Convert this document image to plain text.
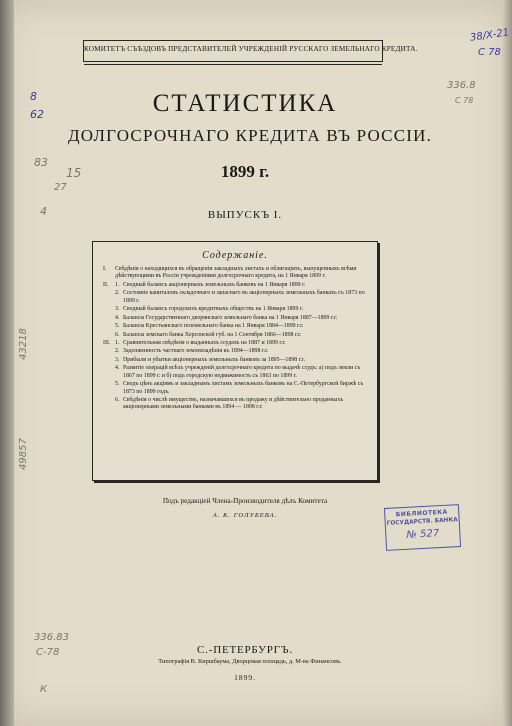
КОМИТЕТЪ СЪѢЗДОВЪ ПРЕДСТАВИТЕЛЕЙ УЧРЕЖДЕНІЙ РУССКАГО ЗЕМЕЛЬНАГО КРЕДИТА.
38/Х-21
С 78
336.8
С 78
8
62
83
15
27
4
43218
49857
СТАТИСТИКА
ДОЛГОСРОЧНАГО КРЕДИТА ВЪ РОССІИ.
1899 г.
ВЫПУСКЪ І.
Содержаніе.
I. Свѣдѣнія о находящихся въ обращеніи закладныхъ листахъ и облигаціяхъ, выпущенныхъ всѣми дѣйствующими въ Россіи учрежденіями долгосрочнаго кредита, на 1 Января 1899 г.
II. 1. Сводный балансъ акціонерныхъ земельныхъ банковъ на 1 Января 1899 г.
2. Состояніе капиталовъ складочнаго и запаснаго въ акціонерныхъ земельныхъ банкахъ съ 1873 по 1899 г.
3. Сводный балансъ городскихъ кредитныхъ обществъ на 1 Января 1899 г.
4. Балансы Государственнаго дворянскаго земельнаго банка на 1 Января 1887—1899 г.г.
5. Балансы Крестьянскаго поземельнаго банка на 1 Января 1884—1899 г.г.
6. Балансы земскаго банка Херсонской губ. на 1 Сентября 1866—1898 г.г.
III. 1. Сравнительная свѣдѣнія о выданныхъ ссудахъ на 1887 и 1899 г.г.
2. Задолженность частнаго землевладѣнія къ 1894—1898 г.г.
3. Прибыли и убытки акціонерныхъ земельныхъ банковъ за 1895—1898 г.г.
4. Развитіе операцій всѣхъ учрежденій долгосрочнаго кредита по выдачѣ ссудъ: а) подъ земли съ 1867 по 1899 г. и б) подъ городскую недвижимость съ 1863 по 1899 г.
5. Сводъ цѣнъ акціямъ и закладнымъ листамъ земельныхъ банковъ на С.-Петербургской биржѣ съ 1873 по 1899 годъ.
6. Свѣдѣнія о числѣ имуществъ, назначавшихся въ продажу и дѣйствительно проданныхъ акціонерными земельными банками въ 1894 — 1898 г.г.
Подъ редакціей Члена-Производителя дѣлъ Комитета
А. К. ГОЛУБЕВА.	БИБЛИОТЕКА
ГОСУДАРСТВ. БАНКА
№ 527
336.83
С-78
К
С.-ПЕТЕРБУРГЪ.
Типографія В. Киршбаума, Дворцовая площадь, д. М-ва Финансовъ.
1899.
